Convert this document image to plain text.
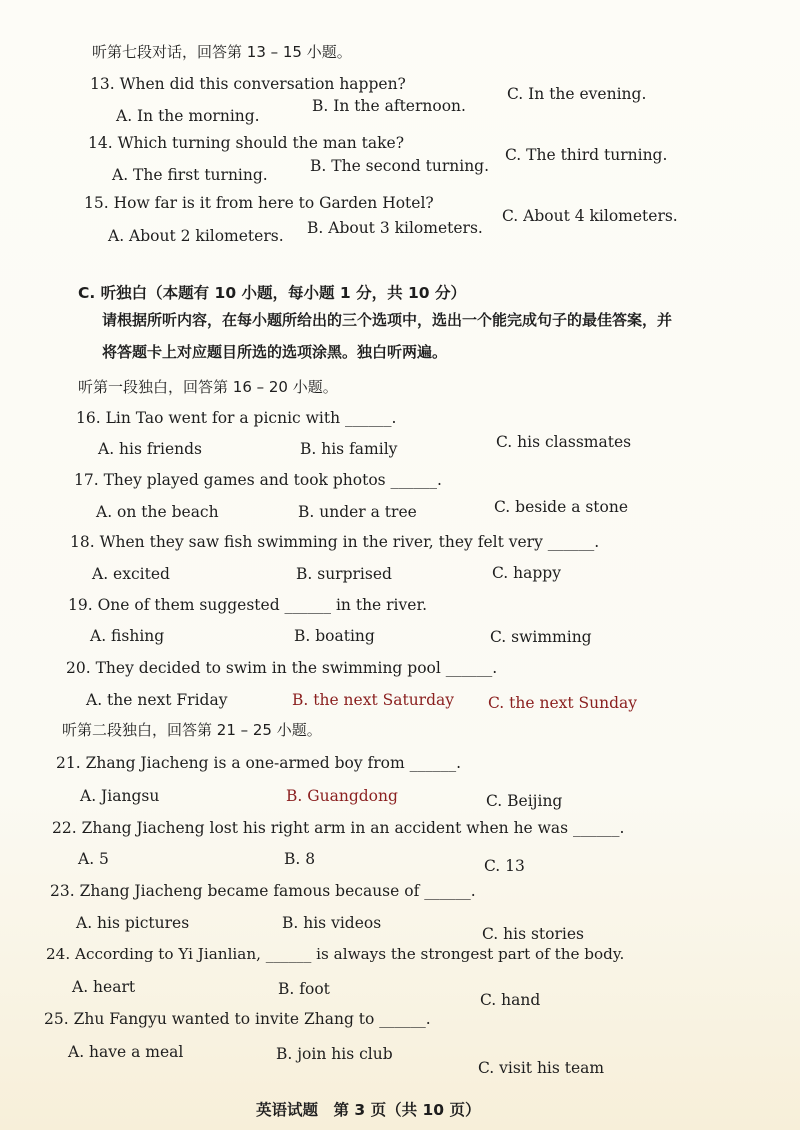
听第七段对话，回答第 13 – 15 小题。
13. When did this conversation happen?
A. In the morning.
B. In the afternoon.
C. In the evening.
14. Which turning should the man take?
A. The first turning.	B. The second turning.
C. The third turning.
15. How far is it from here to Garden Hotel?
A. About 2 kilometers. B. About 3 kilometers.
C. About 4 kilometers.
C. 听独白（本题有 10 小题，每小题 1 分，共 10 分）
请根据所听内容，在每小题所给出的三个选项中，选出一个能完成句子的最佳答案，并
将答题卡上对应题目所选的选项涂黑。独白听两遍。
听第一段独白，回答第 16 – 20 小题。
16. Lin Tao went for a picnic with ______.
A. his friends	B. his family	C. his classmates
17. They played games and took photos ______.
A. on the beach	B. under a tree	C. beside a stone
18. When they saw fish swimming in the river, they felt very ______.
A. excited	B. surprised	C. happy
19. One of them suggested ______ in the river.
A. fishing	B. boating	C. swimming
20. They decided to swim in the swimming pool ______.
A. the next Friday	B. the next Saturday C. the next Sunday
听第二段独白，回答第 21 – 25 小题。
21. Zhang Jiacheng is a one-armed boy from ______.
A. Jiangsu	B. Guangdong	C. Beijing
22. Zhang Jiacheng lost his right arm in an accident when he was ______.
A. 5	B. 8	C. 13
23. Zhang Jiacheng became famous because of ______.
A. his pictures	B. his videos
C. his stories
24. According to Yi Jianlian, ______ is always the strongest part of the body.
A. heart	B. foot
C. hand
25. Zhu Fangyu wanted to invite Zhang to ______.
A. have a meal	B. join his club
C. visit his team
英语试题　第 3 页（共 10 页）
